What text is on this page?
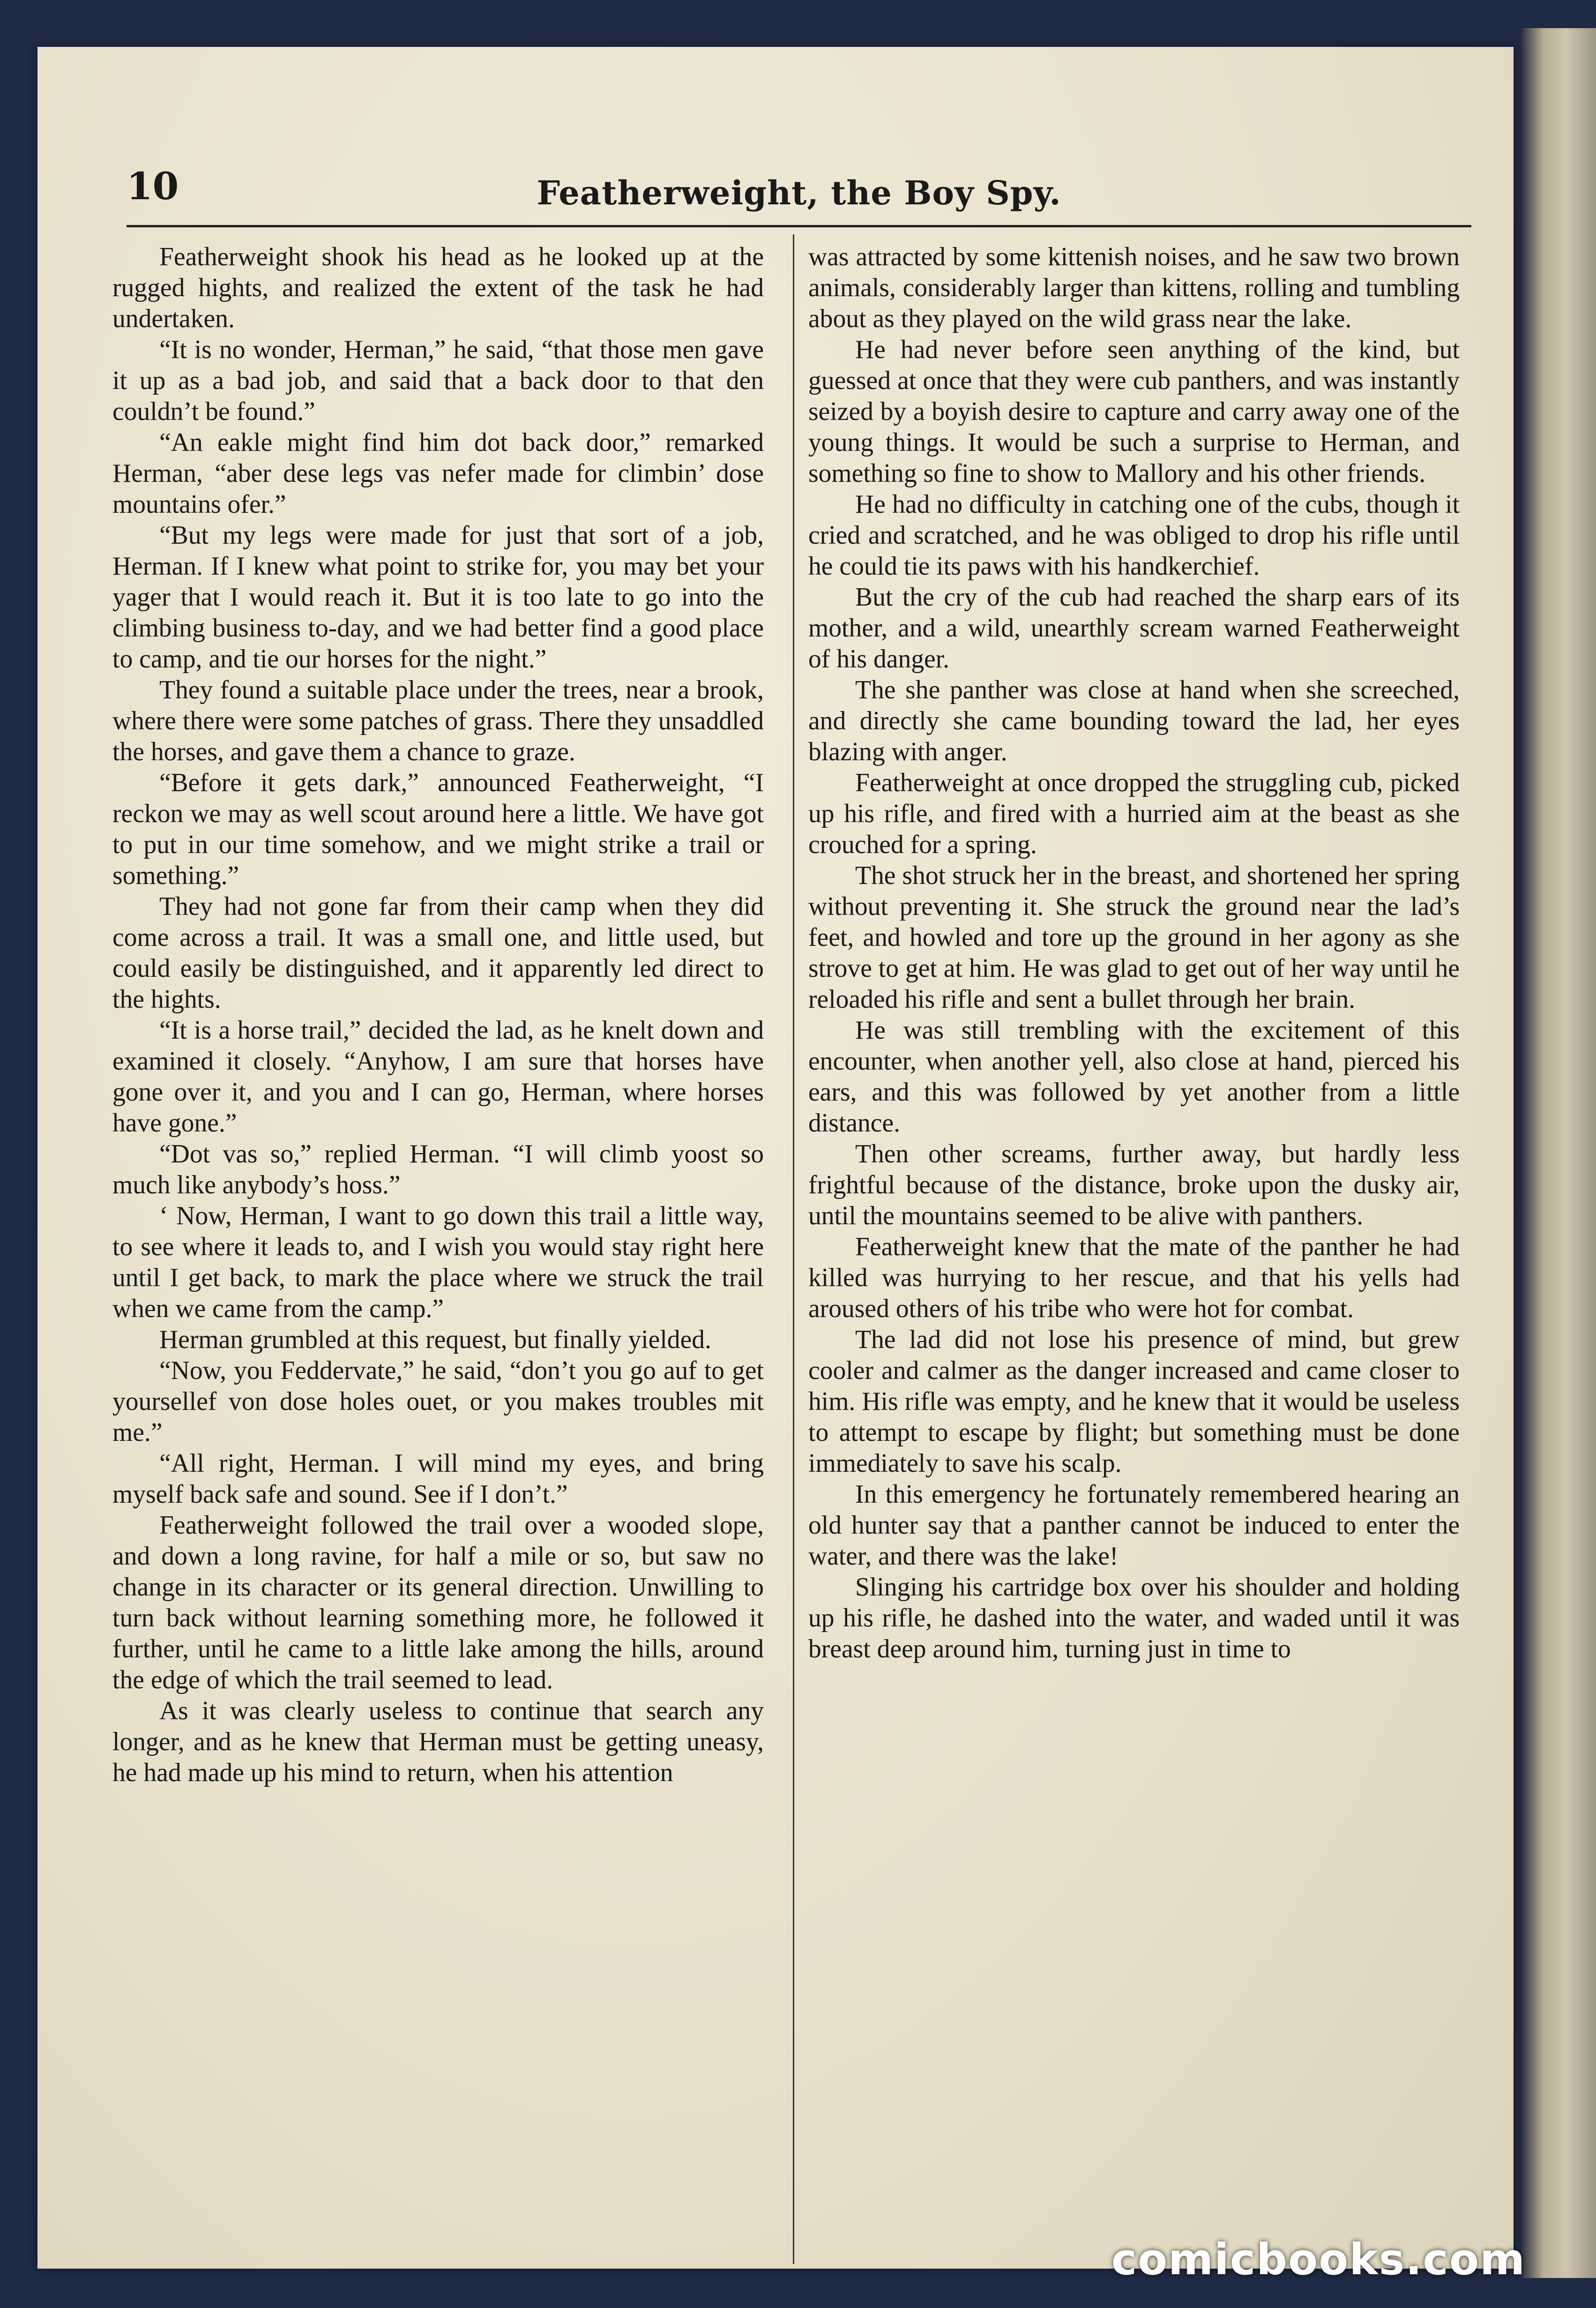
10	Featherweight, the Boy Spy.

Featherweight shook his head as he looked up at the rugged hights, and realized the extent of the task he had undertaken.

“It is no wonder, Herman,” he said, “that those men gave it up as a bad job, and said that a back door to that den couldn’t be found.”

“An eakle might find him dot back door,” remarked Herman, “aber dese legs vas nefer made for climbin’ dose mountains ofer.”

“But my legs were made for just that sort of a job, Herman. If I knew what point to strike for, you may bet your yager that I would reach it. But it is too late to go into the climbing business to-day, and we had better find a good place to camp, and tie our horses for the night.”

They found a suitable place under the trees, near a brook, where there were some patches of grass. There they unsaddled the horses, and gave them a chance to graze.

“Before it gets dark,” announced Featherweight, “I reckon we may as well scout around here a little. We have got to put in our time somehow, and we might strike a trail or something.”

They had not gone far from their camp when they did come across a trail. It was a small one, and little used, but could easily be distinguished, and it apparently led direct to the hights.

“It is a horse trail,” decided the lad, as he knelt down and examined it closely. “Anyhow, I am sure that horses have gone over it, and you and I can go, Herman, where horses have gone.”

“Dot vas so,” replied Herman. “I will climb yoost so much like anybody’s hoss.”

‘ Now, Herman, I want to go down this trail a little way, to see where it leads to, and I wish you would stay right here until I get back, to mark the place where we struck the trail when we came from the camp.”

Herman grumbled at this request, but finally yielded.

“Now, you Feddervate,” he said, “don’t you go auf to get yoursellef von dose holes ouet, or you makes troubles mit me.”

“All right, Herman. I will mind my eyes, and bring myself back safe and sound. See if I don’t.”

Featherweight followed the trail over a wooded slope, and down a long ravine, for half a mile or so, but saw no change in its character or its general direction. Unwilling to turn back without learning something more, he followed it further, until he came to a little lake among the hills, around the edge of which the trail seemed to lead.

As it was clearly useless to continue that search any longer, and as he knew that Herman must be getting uneasy, he had made up his mind to return, when his attention

was attracted by some kittenish noises, and he saw two brown animals, considerably larger than kittens, rolling and tumbling about as they played on the wild grass near the lake.

He had never before seen anything of the kind, but guessed at once that they were cub panthers, and was instantly seized by a boyish desire to capture and carry away one of the young things. It would be such a surprise to Herman, and something so fine to show to Mallory and his other friends.

He had no difficulty in catching one of the cubs, though it cried and scratched, and he was obliged to drop his rifle until he could tie its paws with his handkerchief.

But the cry of the cub had reached the sharp ears of its mother, and a wild, unearthly scream warned Featherweight of his danger.

The she panther was close at hand when she screeched, and directly she came bounding toward the lad, her eyes blazing with anger.

Featherweight at once dropped the struggling cub, picked up his rifle, and fired with a hurried aim at the beast as she crouched for a spring.

The shot struck her in the breast, and shortened her spring without preventing it. She struck the ground near the lad’s feet, and howled and tore up the ground in her agony as she strove to get at him. He was glad to get out of her way until he reloaded his rifle and sent a bullet through her brain.

He was still trembling with the excitement of this encounter, when another yell, also close at hand, pierced his ears, and this was followed by yet another from a little distance.

Then other screams, further away, but hardly less frightful because of the distance, broke upon the dusky air, until the mountains seemed to be alive with panthers.

Featherweight knew that the mate of the panther he had killed was hurrying to her rescue, and that his yells had aroused others of his tribe who were hot for combat.

The lad did not lose his presence of mind, but grew cooler and calmer as the danger increased and came closer to him. His rifle was empty, and he knew that it would be useless to attempt to escape by flight; but something must be done immediately to save his scalp.

In this emergency he fortunately remembered hearing an old hunter say that a panther cannot be induced to enter the water, and there was the lake!

Slinging his cartridge box over his shoulder and holding up his rifle, he dashed into the water, and waded until it was breast deep around him, turning just in time to

comicbooks.com
